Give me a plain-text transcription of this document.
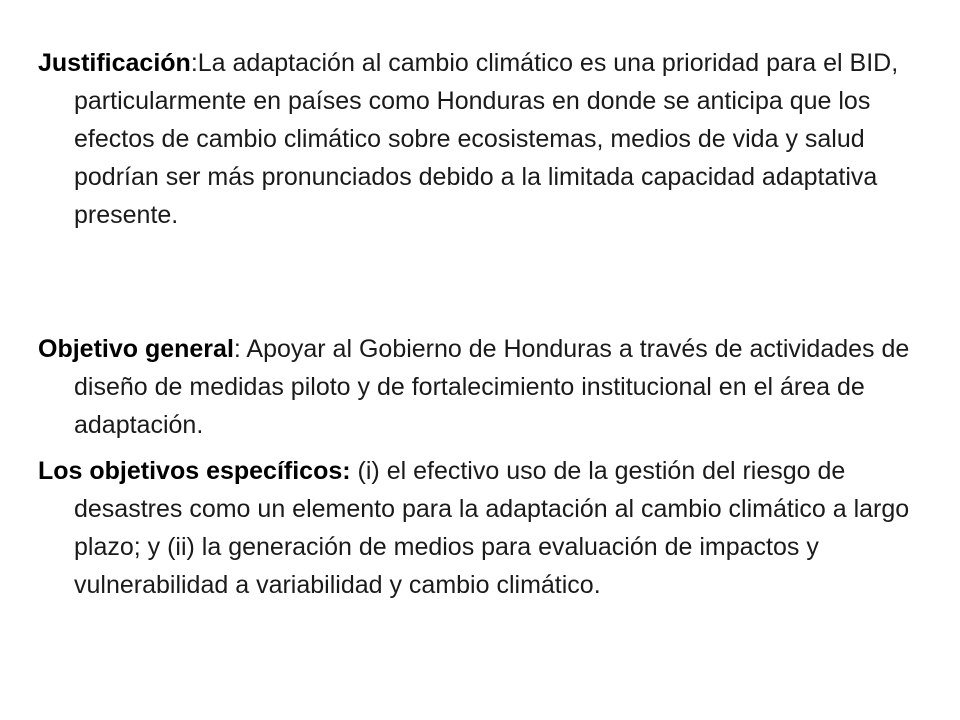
Justificación:La adaptación al cambio climático es una prioridad para el BID, particularmente en países como Honduras en donde se anticipa que los efectos de cambio climático sobre ecosistemas, medios de vida y salud podrían ser más pronunciados debido a la limitada capacidad adaptativa presente.

Objetivo general: Apoyar al Gobierno de Honduras a través de actividades de diseño de medidas piloto y de fortalecimiento institucional en el área de adaptación.

Los objetivos específicos: (i) el efectivo uso de la gestión del riesgo de desastres como un elemento para la adaptación al cambio climático a largo plazo; y (ii) la generación de medios para evaluación de impactos y vulnerabilidad a variabilidad y cambio climático.
